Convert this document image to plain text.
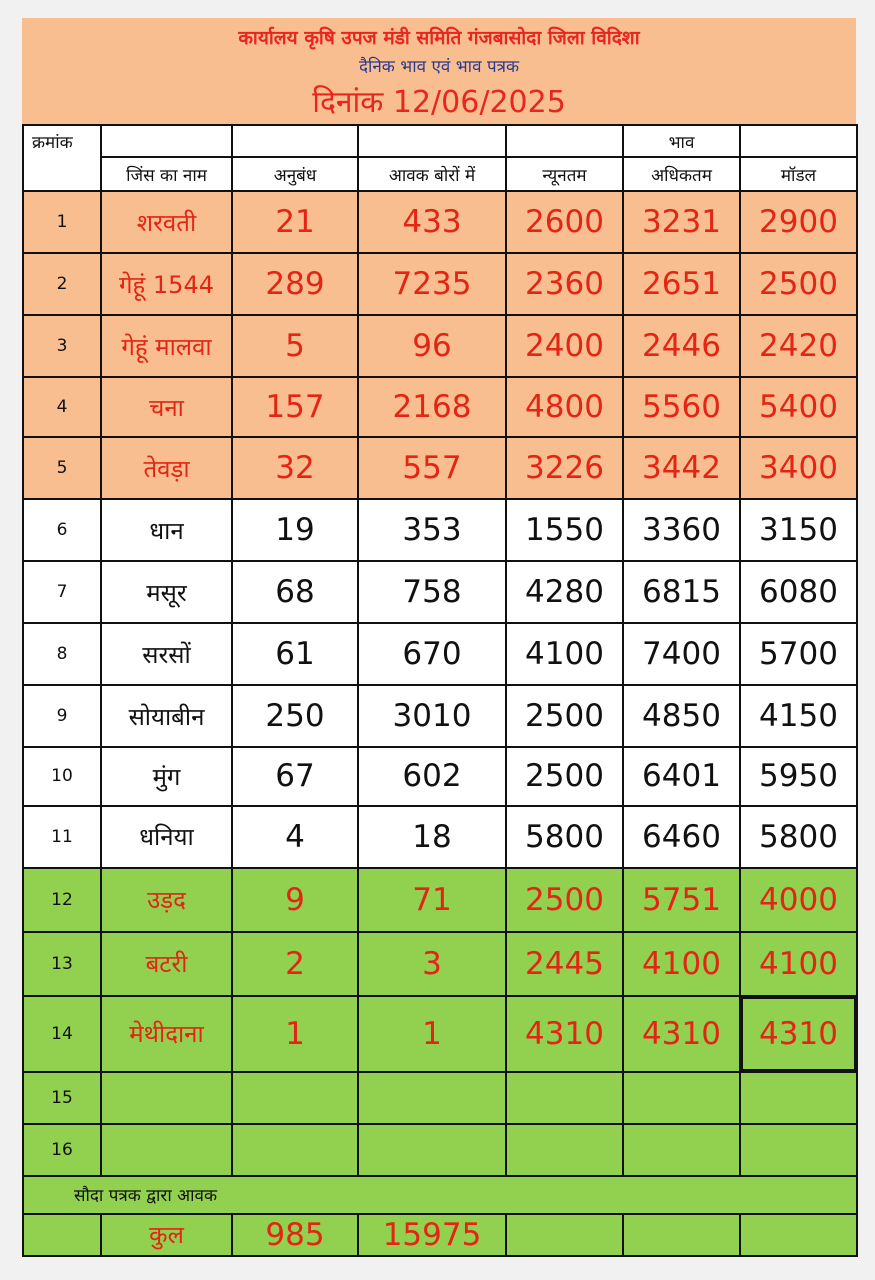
कार्यालय कृषि उपज मंडी समिति गंजबासोदा जिला विदिशा
दैनिक भाव एवं भाव पत्रक
दिनांक 12/06/2025
क्रमांक					भाव	
	जिंस का नाम	अनुबंध	आवक बोरों में	न्यूनतम	अधिकतम	मॉडल
1	शरवती	21	433	2600	3231	2900
2	गेहूं 1544	289	7235	2360	2651	2500
3	गेहूं मालवा	5	96	2400	2446	2420
4	चना	157	2168	4800	5560	5400
5	तेवड़ा	32	557	3226	3442	3400
6	धान	19	353	1550	3360	3150
7	मसूर	68	758	4280	6815	6080
8	सरसों	61	670	4100	7400	5700
9	सोयाबीन	250	3010	2500	4850	4150
10	मुंग	67	602	2500	6401	5950
11	धनिया	4	18	5800	6460	5800
12	उड़द	9	71	2500	5751	4000
13	बटरी	2	3	2445	4100	4100
14	मेथीदाना	1	1	4310	4310	4310
15						
16						
सौदा पत्रक द्वारा आवक						
	कुल	985	15975			
